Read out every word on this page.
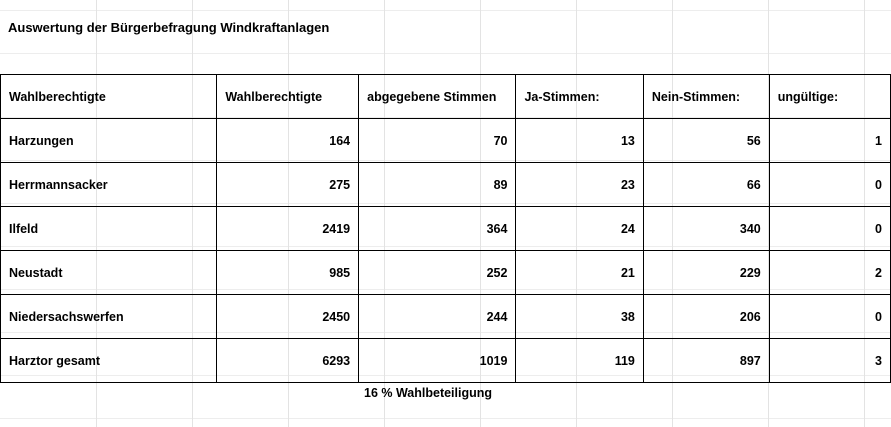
Auswertung der Bürgerbefragung Windkraftanlagen
Wahlberechtigte	Wahlberechtigte	abgegebene Stimmen	Ja-Stimmen:	Nein-Stimmen:	ungültige:
Harzungen	164	70	13	56	1
Herrmannsacker	275	89	23	66	0
Ilfeld	2419	364	24	340	0
Neustadt	985	252	21	229	2
Niedersachswerfen	2450	244	38	206	0
Harztor gesamt	6293	1019	119	897	3
16 % Wahlbeteiligung
